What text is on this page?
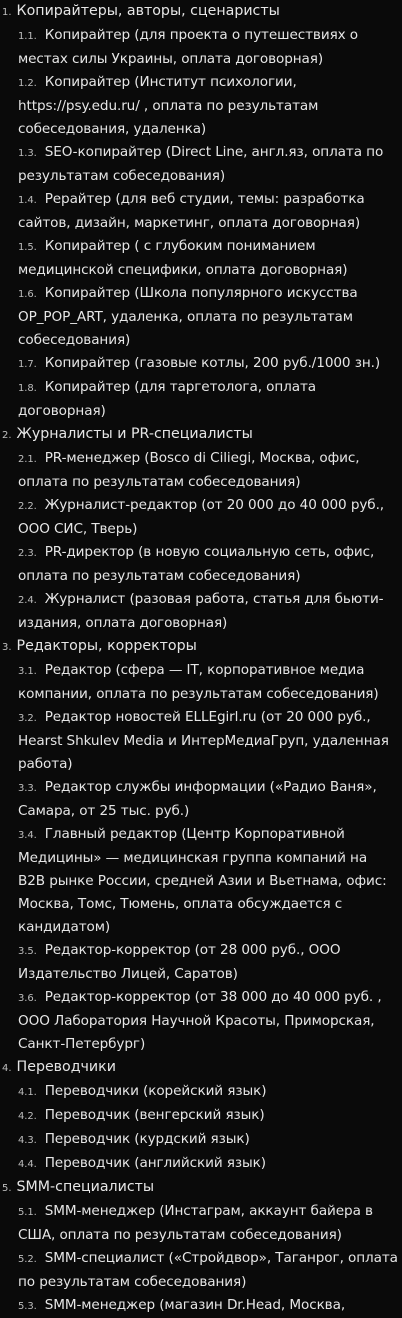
1. Копирайтеры, авторы, сценаристы
1.1. Копирайтер (для проекта о путешествиях о местах силы Украины, оплата договорная)
1.2. Копирайтер (Институт психологии, https://psy.edu.ru/ , оплата по результатам собеседования, удаленка)
1.3. SEO-копирайтер (Direct Line, англ.яз, оплата по результатам собеседования)
1.4. Рерайтер (для веб студии, темы: разработка сайтов, дизайн, маркетинг, оплата договорная)
1.5. Копирайтер ( с глубоким пониманием медицинской специфики, оплата договорная)
1.6. Копирайтер (Школа популярного искусства OP_POP_ART, удаленка, оплата по результатам собеседования)
1.7. Копирайтер (газовые котлы, 200 руб./1000 зн.)
1.8. Копирайтер (для таргетолога, оплата договорная)
2. Журналисты и PR-специалисты
2.1. PR-менеджер (Bosco di Ciliegi, Москва, офис, оплата по результатам собеседования)
2.2. Журналист-редактор (от 20 000 до 40 000 руб., ООО СИС, Тверь)
2.3. PR-директор (в новую социальную сеть, офис, оплата по результатам собеседования)
2.4. Журналист (разовая работа, статья для бьюти-издания, оплата договорная)
3. Редакторы, корректоры
3.1. Редактор (сфера — IT, корпоративное медиа компании, оплата по результатам собеседования)
3.2. Редактор новостей ELLEgirl.ru (от 20 000 руб., Hearst Shkulev Media и ИнтерМедиаГруп, удаленная работа)
3.3. Редактор службы информации («Радио Ваня», Самара, от 25 тыс. руб.)
3.4. Главный редактор (Центр Корпоративной Медицины» — медицинская группа компаний на B2B рынке России, средней Азии и Вьетнама, офис: Москва, Томс, Тюмень, оплата обсуждается с кандидатом)
3.5. Редактор-корректор (от 28 000 руб., ООО Издательство Лицей, Саратов)
3.6. Редактор-корректор (от 38 000 до 40 000 руб. , ООО Лаборатория Научной Красоты, Приморская, Санкт-Петербург)
4. Переводчики
4.1. Переводчики (корейский язык)
4.2. Переводчик (венгерский язык)
4.3. Переводчик (курдский язык)
4.4. Переводчик (английский язык)
5. SMM-специалисты
5.1. SMM-менеджер (Инстаграм, аккаунт байера в США, оплата по результатам собеседования)
5.2. SMM-специалист («Стройдвор», Таганрог, оплата по результатам собеседования)
5.3. SMM-менеджер (магазин Dr.Head, Москва,
